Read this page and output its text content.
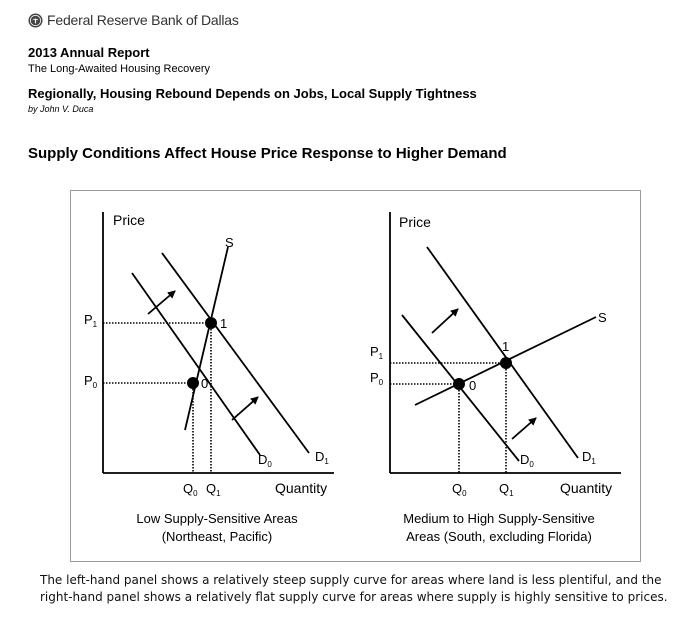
Federal Reserve Bank of Dallas
2013 Annual Report
The Long-Awaited Housing Recovery
Regionally, Housing Rebound Depends on Jobs, Local Supply Tightness
by John V. Duca
Supply Conditions Affect House Price Response to Higher Demand
Price
Quantity
1
0
S
$D_0$
$D_1$
$P_1$
$P_0$
$Q_0$ $Q_1$
Low Supply-Sensitive Areas
(Northeast, Pacific)
Price
Quantity
1
0
S
$D_0$
$D_1$
$P_1$
$P_0$
$Q_0$ $Q_1$
Medium to High Supply-Sensitive
Areas (South, excluding Florida)
The left-hand panel shows a relatively steep supply curve for areas where land is less plentiful, and the right-hand panel shows a relatively flat supply curve for areas where supply is highly sensitive to prices.
